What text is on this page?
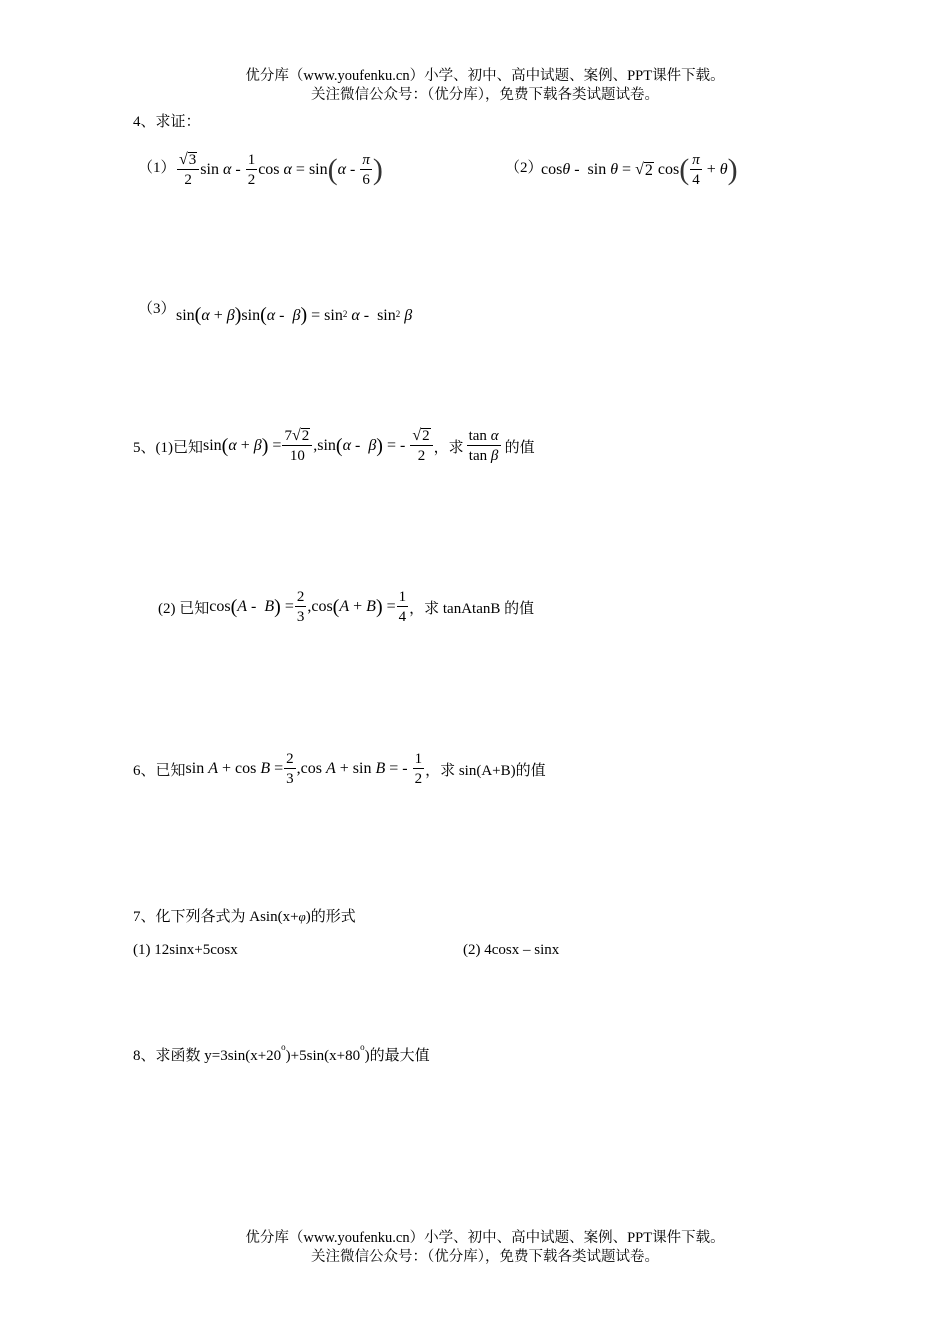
优分库（www.youfenku.cn）小学、初中、高中试题、案例、PPT课件下载。
关注微信公众号：（优分库），免费下载各类试题试卷。
4、求证：
$(1) \frac{√ 3}{2}$ sin α - $\frac{1}{2}$ cos α = sin ( α - $\frac{\pi}{6}$ )	（2）
cos θ -  sin θ = √ 2 cos ( $\frac{\pi}{4} + \theta$ )
（3） sin ( α + β ) sin ( α - β ) = $\sin^2 \alpha - \sin^2 \beta$
5、(1)已知 sin ( α + β ) = $\frac{7 √ 2}{10} ,\sin$ ( α - β ) = - $\frac{√ 2}{2}$ ，求 $\frac{\text{tan α}}{\text{tan β}}$ 的值
(2) 已知 cos ( A - B ) = $\frac{2}{3} ,\cos$ ( A + B ) = $\frac{1}{4}$ ，求 tanAtanB 的值
6、已知 $\sin A + \cos B = \frac{2}{3} ,\cos$ A + sin B = - $\frac{1}{2}$ ，求 sin(A+B)的值
7、化下列各式为 Asin(x+φ)的形式
(1) 12sinx+5cosx	(2) 4cosx – sinx
8、求函数 $y=3\sin(x+20^o)+5\sin(x+80^o)$的最大值
优分库（www.youfenku.cn）小学、初中、高中试题、案例、PPT课件下载。
关注微信公众号：（优分库），免费下载各类试题试卷。
